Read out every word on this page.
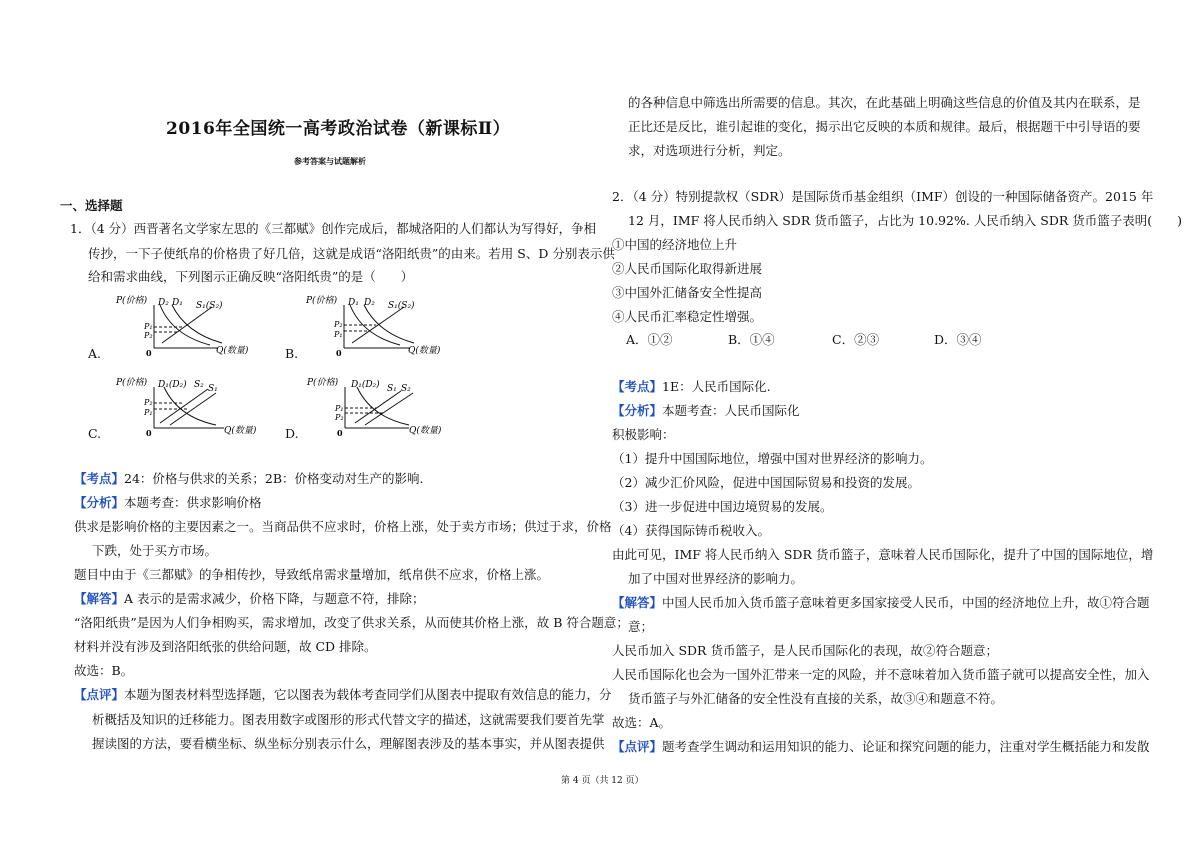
2016年全国统一高考政治试卷（新课标Ⅱ）
参考答案与试题解析
一、选择题
1．（4 分）西晋著名文学家左思的《三都赋》创作完成后，都城洛阳的人们都认为写得好，争相
传抄，一下子使纸帛的价格贵了好几倍，这就是成语“洛阳纸贵”的由来。若用 S、D 分别表示供
给和需求曲线，下列图示正确反映“洛阳纸贵”的是（　　）
A.	B.
C.	D.
P(价格)
0	Q(数量)
D₂ D₁ S₁(S₂)
P₁
P₂
P(价格)
0	Q(数量)
D₁ D₂ S₁(S₂)
P₂
P₁
P(价格)
0	Q(数量)
D₁(D₂) S₂ S₁
P₂
P₁
P(价格)
0	Q(数量)
D₁(D₂) S₁ S₂
P₁
P₂
【考点】24：价格与供求的关系；2B：价格变动对生产的影响.
【分析】本题考查：供求影响价格
供求是影响价格的主要因素之一。当商品供不应求时，价格上涨，处于卖方市场；供过于求，价格
下跌，处于买方市场。
题目中由于《三都赋》的争相传抄，导致纸帛需求量增加，纸帛供不应求，价格上涨。
【解答】A 表示的是需求减少，价格下降，与题意不符，排除；
“洛阳纸贵”是因为人们争相购买，需求增加，改变了供求关系，从而使其价格上涨，故 B 符合题意；
材料并没有涉及到洛阳纸张的供给问题，故 CD 排除。
故选：B。
【点评】本题为图表材料型选择题，它以图表为载体考查同学们从图表中提取有效信息的能力，分
析概括及知识的迁移能力。图表用数字或图形的形式代替文字的描述，这就需要我们要首先掌
握读图的方法，要看横坐标、纵坐标分别表示什么，理解图表涉及的基本事实，并从图表提供
的各种信息中筛选出所需要的信息。其次，在此基础上明确这些信息的价值及其内在联系，是
正比还是反比，谁引起谁的变化，揭示出它反映的本质和规律。最后，根据题干中引导语的要
求，对选项进行分析，判定。
2．（4 分）特别提款权（SDR）是国际货币基金组织（IMF）创设的一种国际储备资产。2015 年
12 月，IMF 将人民币纳入 SDR 货币篮子，占比为 10.92%. 人民币纳入 SDR 货币篮子表明(　　)
①中国的经济地位上升
②人民币国际化取得新进展
③中国外汇储备安全性提高
④人民币汇率稳定性增强。
A．①②	B．①④	C．②③	D．③④
【考点】1E：人民币国际化.
【分析】本题考查：人民币国际化
积极影响：
（1）提升中国国际地位，增强中国对世界经济的影响力。
（2）减少汇价风险，促进中国国际贸易和投资的发展。
（3）进一步促进中国边境贸易的发展。
（4）获得国际铸币税收入。
由此可见，IMF 将人民币纳入 SDR 货币篮子，意味着人民币国际化，提升了中国的国际地位，增
加了中国对世界经济的影响力。
【解答】中国人民币加入货币篮子意味着更多国家接受人民币，中国的经济地位上升，故①符合题
意；
人民币加入 SDR 货币篮子，是人民币国际化的表现，故②符合题意；
人民币国际化也会为一国外汇带来一定的风险，并不意味着加入货币篮子就可以提高安全性，加入
货币篮子与外汇储备的安全性没有直接的关系，故③④和题意不符。
故选：A。
【点评】题考查学生调动和运用知识的能力、论证和探究问题的能力，注重对学生概括能力和发散
第 4 页（共 12 页）
